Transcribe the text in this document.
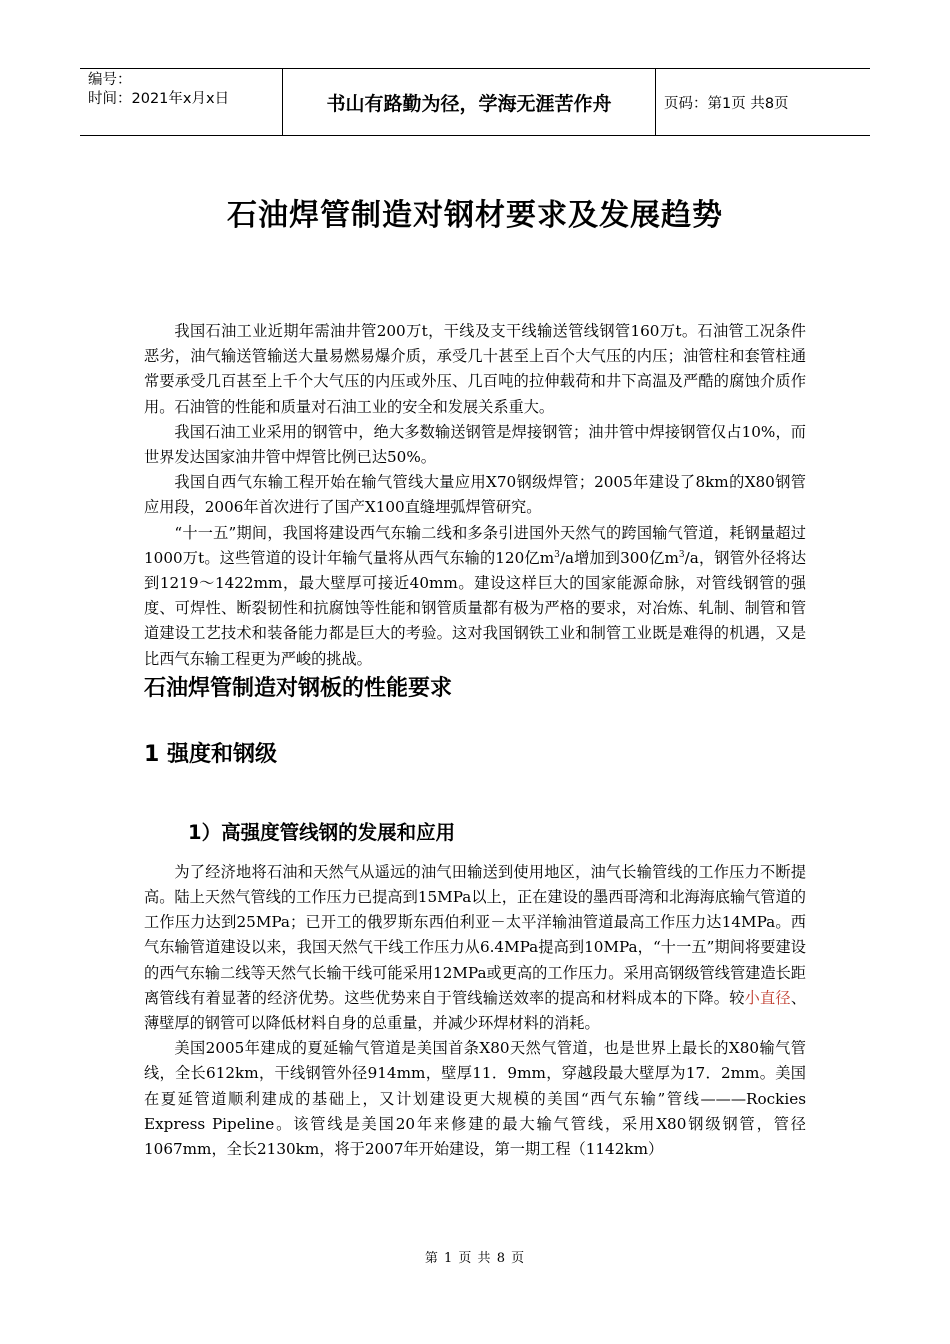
编号：
时间：2021年x月x日	书山有路勤为径，学海无涯苦作舟	页码：第1页 共8页
石油焊管制造对钢材要求及发展趋势

我国石油工业近期年需油井管200万t，干线及支干线输送管线钢管160万t。石油管工况条件恶劣，油气输送管输送大量易燃易爆介质，承受几十甚至上百个大气压的内压；油管柱和套管柱通常要承受几百甚至上千个大气压的内压或外压、几百吨的拉伸载荷和井下高温及严酷的腐蚀介质作用。石油管的性能和质量对石油工业的安全和发展关系重大。

我国石油工业采用的钢管中，绝大多数输送钢管是焊接钢管；油井管中焊接钢管仅占10%，而世界发达国家油井管中焊管比例已达50%。

我国自西气东输工程开始在输气管线大量应用X70钢级焊管；2005年建设了8km的X80钢管应用段，2006年首次进行了国产X100直缝埋弧焊管研究。

“十一五”期间，我国将建设西气东输二线和多条引进国外天然气的跨国输气管道，耗钢量超过1000万t。这些管道的设计年输气量将从西气东输的120亿$m^3/a$增加到300亿$m^3/a$，钢管外径将达到1219～1422mm，最大壁厚可接近40mm。建设这样巨大的国家能源命脉，对管线钢管的强度、可焊性、断裂韧性和抗腐蚀等性能和钢管质量都有极为严格的要求，对冶炼、轧制、制管和管道建设工艺技术和装备能力都是巨大的考验。这对我国钢铁工业和制管工业既是难得的机遇，又是比西气东输工程更为严峻的挑战。

石油焊管制造对钢板的性能要求
1 强度和钢级
1）高强度管线钢的发展和应用

为了经济地将石油和天然气从遥远的油气田输送到使用地区，油气长输管线的工作压力不断提高。陆上天然气管线的工作压力已提高到15MPa以上，正在建设的墨西哥湾和北海海底输气管道的工作压力达到25MPa；已开工的俄罗斯东西伯利亚－太平洋输油管道最高工作压力达14MPa。西气东输管道建设以来，我国天然气干线工作压力从6.4MPa提高到10MPa，“十一五”期间将要建设的西气东输二线等天然气长输干线可能采用12MPa或更高的工作压力。采用高钢级管线管建造长距离管线有着显著的经济优势。这些优势来自于管线输送效率的提高和材料成本的下降。较小直径、薄壁厚的钢管可以降低材料自身的总重量，并减少环焊材料的消耗。

美国2005年建成的夏延输气管道是美国首条X80天然气管道，也是世界上最长的X80输气管线，全长612km，干线钢管外径914mm，壁厚11．9mm，穿越段最大壁厚为17．2mm。美国在夏延管道顺利建成的基础上，又计划建设更大规模的美国“西气东输”管线———Rockies Express Pipeline。该管线是美国20年来修建的最大输气管线，采用X80钢级钢管，管径1067mm，全长2130km，将于2007年开始建设，第一期工程（1142km）

第 1 页 共 8 页
